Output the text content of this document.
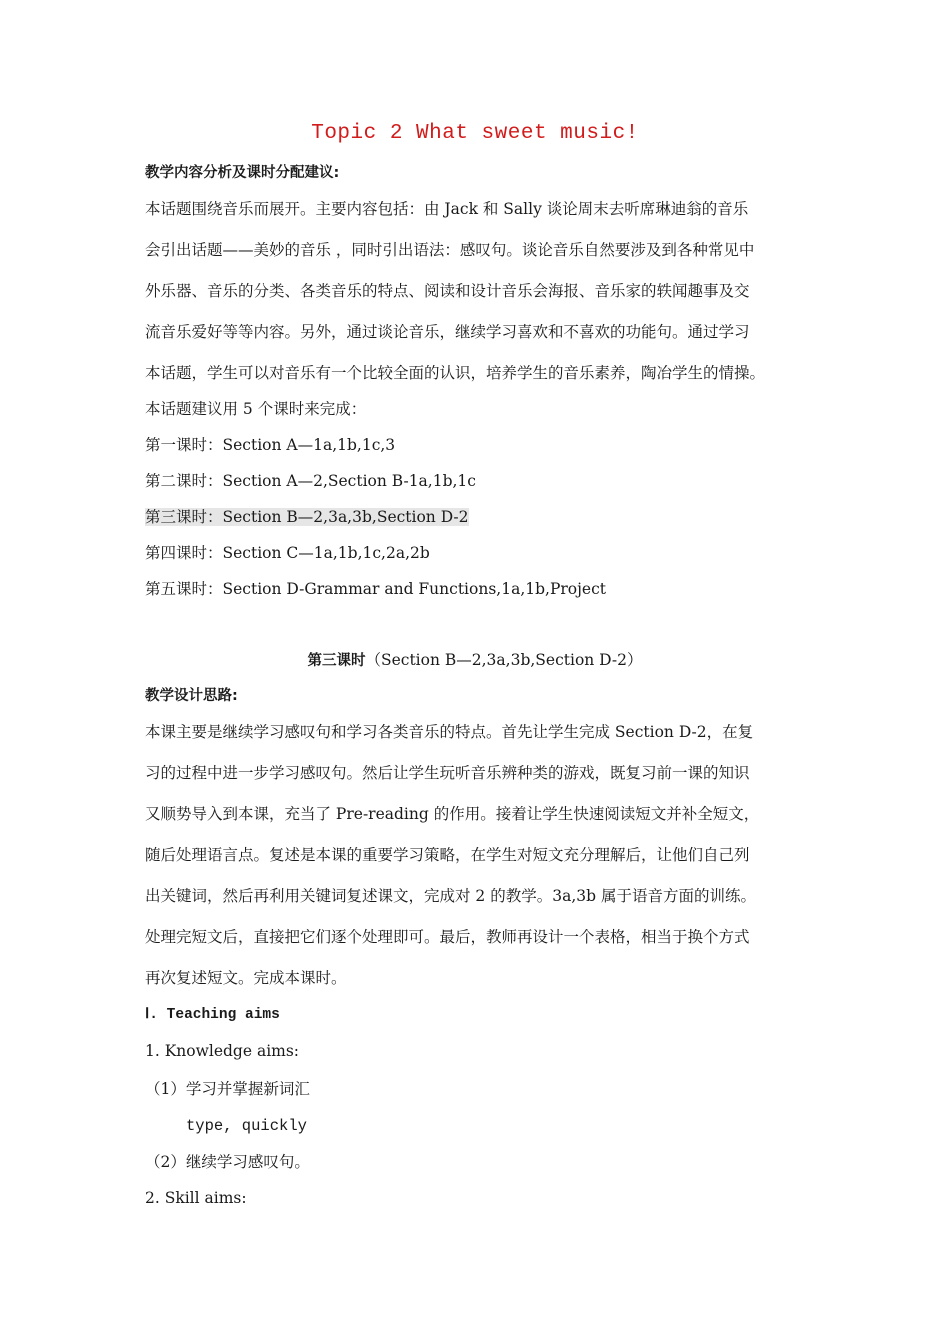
Topic 2 What sweet music!
教学内容分析及课时分配建议:
本话题围绕音乐而展开。主要内容包括：由 Jack 和 Sally 谈论周末去听席琳迪翁的音乐
会引出话题——美妙的音乐 ，同时引出语法：感叹句。谈论音乐自然要涉及到各种常见中
外乐器、音乐的分类、各类音乐的特点、阅读和设计音乐会海报、音乐家的轶闻趣事及交
流音乐爱好等等内容。另外，通过谈论音乐，继续学习喜欢和不喜欢的功能句。通过学习
本话题，学生可以对音乐有一个比较全面的认识，培养学生的音乐素养，陶冶学生的情操。
本话题建议用 5 个课时来完成：
第一课时：Section A—1a,1b,1c,3
第二课时：Section A—2,Section B-1a,1b,1c
第三课时：Section B—2,3a,3b,Section D-2
第四课时：Section C—1a,1b,1c,2a,2b
第五课时：Section D-Grammar and Functions,1a,1b,Project
第三课时（Section B—2,3a,3b,Section D-2）
教学设计思路:
本课主要是继续学习感叹句和学习各类音乐的特点。首先让学生完成 Section D-2，在复
习的过程中进一步学习感叹句。然后让学生玩听音乐辨种类的游戏，既复习前一课的知识
又顺势导入到本课，充当了 Pre-reading 的作用。接着让学生快速阅读短文并补全短文，
随后处理语言点。复述是本课的重要学习策略，在学生对短文充分理解后，让他们自己列
出关键词，然后再利用关键词复述课文，完成对 2 的教学。3a,3b 属于语音方面的训练。
处理完短文后，直接把它们逐个处理即可。最后，教师再设计一个表格，相当于换个方式
再次复述短文。完成本课时。
Ⅰ. Teaching aims
1. Knowledge aims:
（1）学习并掌握新词汇
type, quickly
（2）继续学习感叹句。
2. Skill aims:
